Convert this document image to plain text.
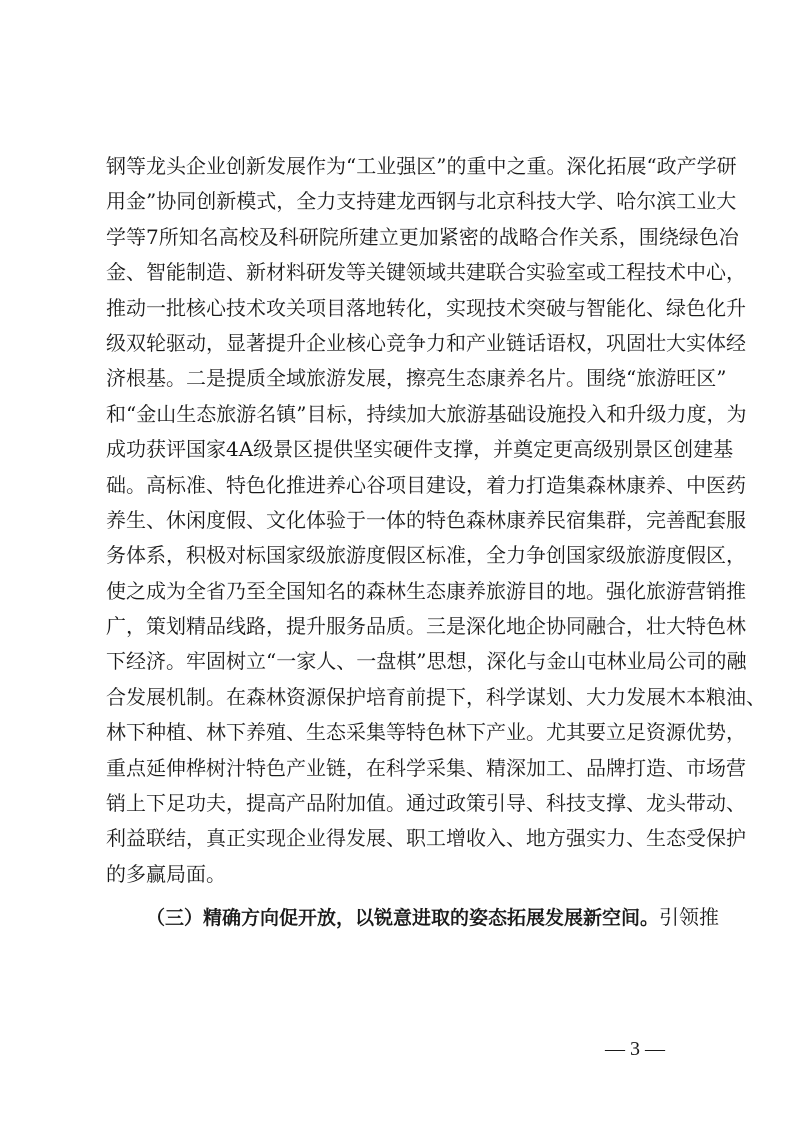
钢等龙头企业创新发展作为“工业强区”的重中之重。深化拓展“政产学研
用金”协同创新模式，全力支持建龙西钢与北京科技大学、哈尔滨工业大
学等7所知名高校及科研院所建立更加紧密的战略合作关系，围绕绿色冶
金、智能制造、新材料研发等关键领域共建联合实验室或工程技术中心，
推动一批核心技术攻关项目落地转化，实现技术突破与智能化、绿色化升
级双轮驱动，显著提升企业核心竞争力和产业链话语权，巩固壮大实体经
济根基。二是提质全域旅游发展，擦亮生态康养名片。围绕“旅游旺区”
和“金山生态旅游名镇”目标，持续加大旅游基础设施投入和升级力度，为
成功获评国家4A级景区提供坚实硬件支撑，并奠定更高级别景区创建基
础。高标准、特色化推进养心谷项目建设，着力打造集森林康养、中医药
养生、休闲度假、文化体验于一体的特色森林康养民宿集群，完善配套服
务体系，积极对标国家级旅游度假区标准，全力争创国家级旅游度假区，
使之成为全省乃至全国知名的森林生态康养旅游目的地。强化旅游营销推
广，策划精品线路，提升服务品质。三是深化地企协同融合，壮大特色林
下经济。牢固树立“一家人、一盘棋”思想，深化与金山屯林业局公司的融
合发展机制。在森林资源保护培育前提下，科学谋划、大力发展木本粮油、
林下种植、林下养殖、生态采集等特色林下产业。尤其要立足资源优势，
重点延伸桦树汁特色产业链，在科学采集、精深加工、品牌打造、市场营
销上下足功夫，提高产品附加值。通过政策引导、科技支撑、龙头带动、
利益联结，真正实现企业得发展、职工增收入、地方强实力、生态受保护
的多赢局面。
（三）精确方向促开放，以锐意进取的姿态拓展发展新空间。引领推
— 3 —
